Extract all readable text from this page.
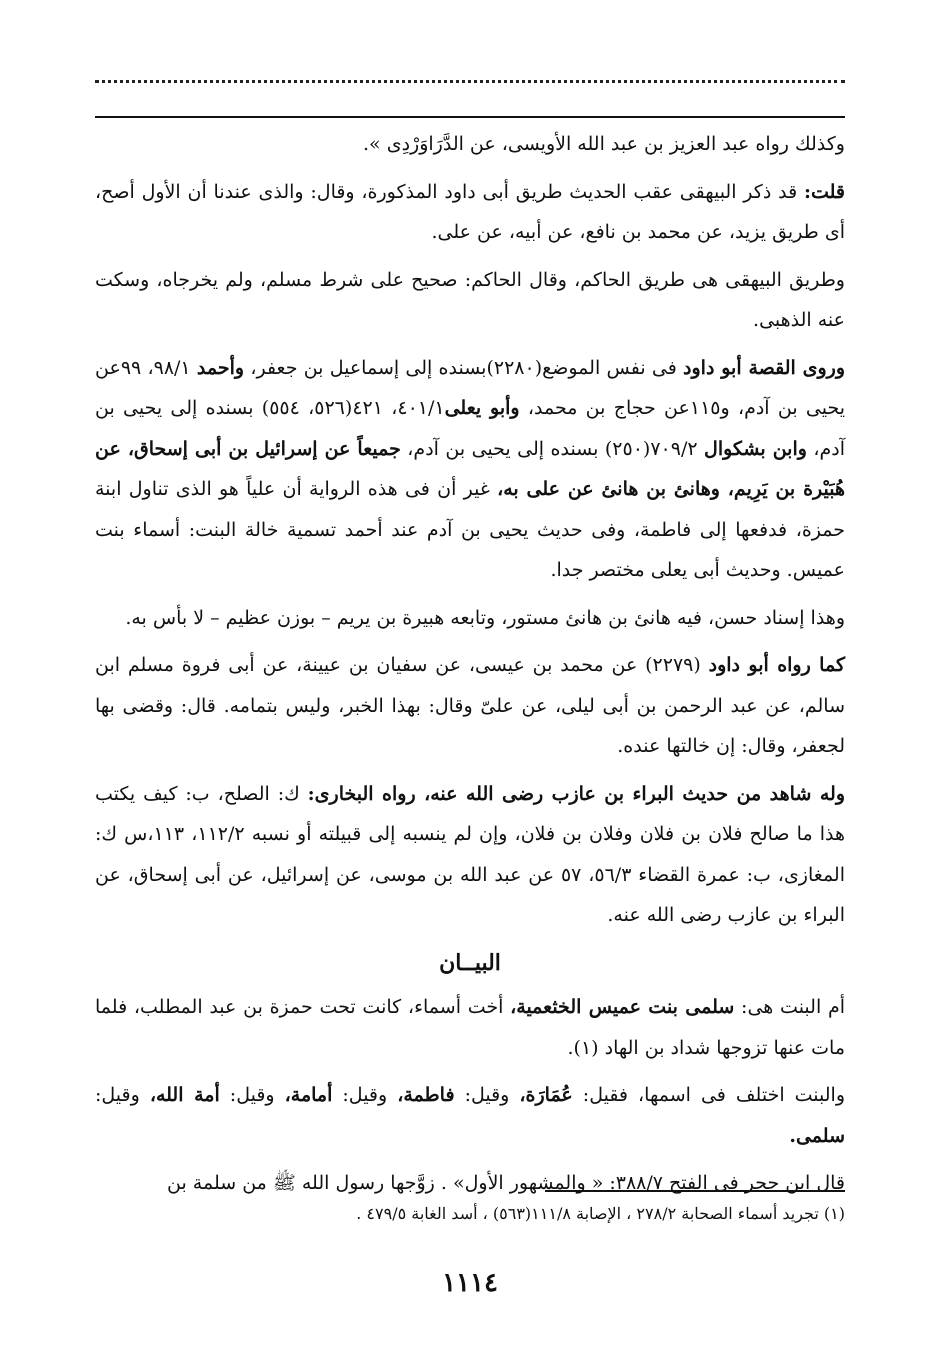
وكذلك رواه عبد العزيز بن عبد الله الأويسى، عن الدَّرَاوَرْدِى ».

قلت: قد ذكر البيهقى عقب الحديث طريق أبى داود المذكورة، وقال: والذى عندنا أن الأول أصح، أى طريق يزيد، عن محمد بن نافع، عن أبيه، عن على.

وطريق البيهقى هى طريق الحاكم، وقال الحاكم: صحيح على شرط مسلم، ولم يخرجاه، وسكت عنه الذهبى.

وروى القصة أبو داود فى نفس الموضع(٢٢٨٠)بسنده إلى إسماعيل بن جعفر، وأحمد ٩٨/١، ٩٩عن يحيى بن آدم، و١١٥عن حجاج بن محمد، وأبو يعلى٤٠١/١، ٤٢١(٥٢٦، ٥٥٤) بسنده إلى يحيى بن آدم، وابن بشكوال ٧٠٩/٢(٢٥٠) بسنده إلى يحيى بن آدم، جميعاً عن إسرائيل بن أبى إسحاق، عن هُبَيْرة بن يَرِيم، وهانئ بن هانئ عن على به، غير أن فى هذه الرواية أن علياً هو الذى تناول ابنة حمزة، فدفعها إلى فاطمة، وفى حديث يحيى بن آدم عند أحمد تسمية خالة البنت: أسماء بنت عميس. وحديث أبى يعلى مختصر جدا.

وهذا إسناد حسن، فيه هانئ بن هانئ مستور، وتابعه هبيرة بن يريم – بوزن عظيم – لا بأس به.

كما رواه أبو داود (٢٢٧٩) عن محمد بن عيسى، عن سفيان بن عيينة، عن أبى فروة مسلم ابن سالم، عن عبد الرحمن بن أبى ليلى، عن علىّ وقال: بهذا الخبر، وليس بتمامه. قال: وقضى بها لجعفر، وقال: إن خالتها عنده.

وله شاهد من حديث البراء بن عازب رضى الله عنه، رواه البخارى: ك: الصلح، ب: كيف يكتب هذا ما صالح فلان بن فلان وفلان بن فلان، وإن لم ينسبه إلى قبيلته أو نسبه ١١٢/٢، ١١٣،س ك: المغازى، ب: عمرة القضاء ٥٦/٣، ٥٧ عن عبد الله بن موسى، عن إسرائيل، عن أبى إسحاق، عن البراء بن عازب رضى الله عنه.

البيــان

أم البنت هى: سلمى بنت عميس الخثعمية، أخت أسماء، كانت تحت حمزة بن عبد المطلب، فلما مات عنها تزوجها شداد بن الهاد (١).

والبنت اختلف فى اسمها، فقيل: عُمَارَة، وقيل: فاطمة، وقيل: أمامة، وقيل: أمة الله، وقيل: سلمى.

قال ابن حجر فى الفتح ٣٨٨/٧: « والمشهور الأول» . زوَّجها رسول الله ﷺ من سلمة بن

(١) تجريد أسماء الصحابة ٢٧٨/٢ ، الإصابة ١١١/٨(٥٦٣) ، أسد الغابة ٤٧٩/٥ .
١١١٤
